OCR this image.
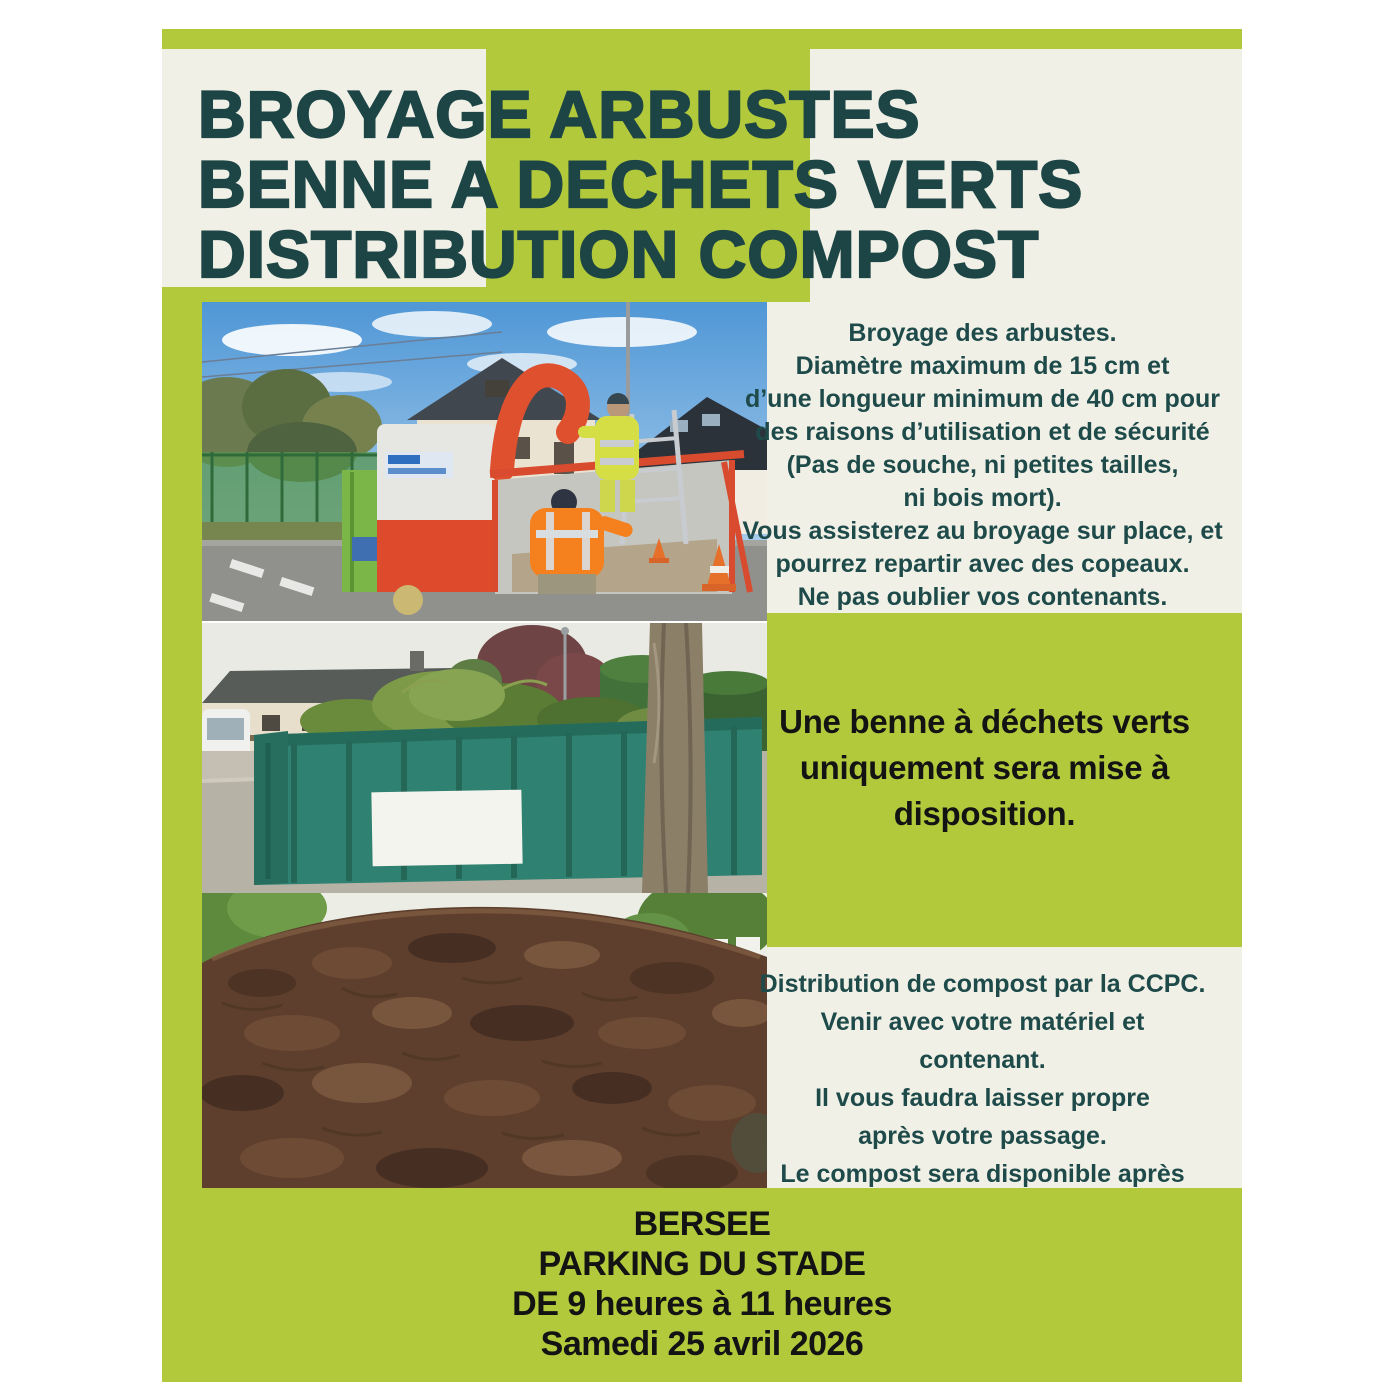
BROYAGE ARBUSTES
BENNE A DECHETS VERTS
DISTRIBUTION COMPOST
Broyage des arbustes.
Diamètre maximum de 15 cm et
d’une longueur minimum de 40 cm pour
des raisons d’utilisation et de sécurité
(Pas de souche, ni petites tailles,
ni bois mort).
Vous assisterez au broyage sur place, et
pourrez repartir avec des copeaux.
Ne pas oublier vos contenants.
Une benne à déchets verts
uniquement sera mise à
disposition.
Distribution de compost par la CCPC.
Venir avec votre matériel et
contenant.
Il vous faudra laisser propre
après votre passage.
Le compost sera disponible après
BERSEE
PARKING DU STADE
DE 9 heures à 11 heures
Samedi 25 avril 2026
